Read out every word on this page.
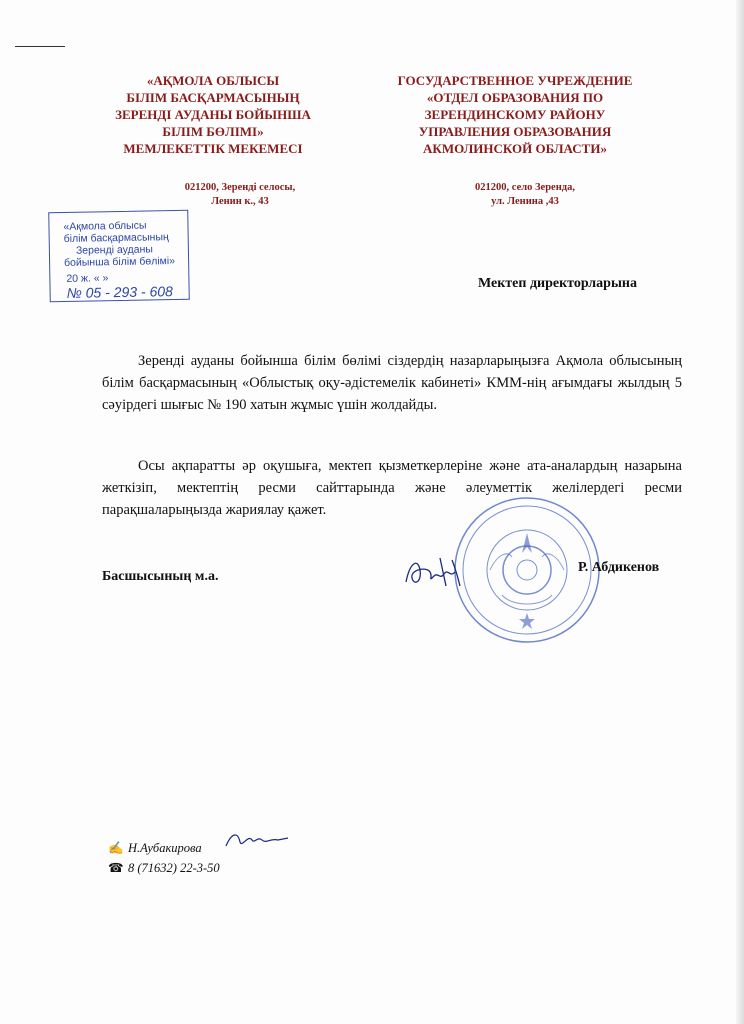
«АҚМОЛА ОБЛЫСЫ
БІЛІМ БАСҚАРМАСЫНЫҢ
ЗЕРЕНДІ АУДАНЫ БОЙЫНША
БІЛІМ БӨЛІМІ»
МЕМЛЕКЕТТІК МЕКЕМЕСІ
ГОСУДАРСТВЕННОЕ УЧРЕЖДЕНИЕ
«ОТДЕЛ ОБРАЗОВАНИЯ ПО
ЗЕРЕНДИНСКОМУ РАЙОНУ
УПРАВЛЕНИЯ ОБРАЗОВАНИЯ
АКМОЛИНСКОЙ ОБЛАСТИ»
021200, Зеренді селосы,
Ленин к., 43
021200, село Зеренда,
ул. Ленина ,43
«Ақмола облысы
білім басқармасының
Зеренді ауданы
бойынша білім бөлімі»
20 ж. « »
№ 05 - 293 - 608	Мектеп директорларына
Зеренді ауданы бойынша білім бөлімі сіздердің назарларыңызға Ақмола облысының білім басқармасының «Облыстық оқу-әдістемелік кабинеті» КММ-нің ағымдағы жылдың 5 сәуірдегі шығыс № 190 хатын жұмыс үшін жолдайды.
Осы ақпаратты әр оқушыға, мектеп қызметкерлеріне және ата-аналардың назарына жеткізіп, мектептің ресми сайттарында және әлеуметтік желілердегі ресми парақшаларыңызда жариялау қажет.
Басшысының м.а.
Р. Абдикенов
✍ Н.Аубакирова
☎ 8 (71632) 22-3-50
